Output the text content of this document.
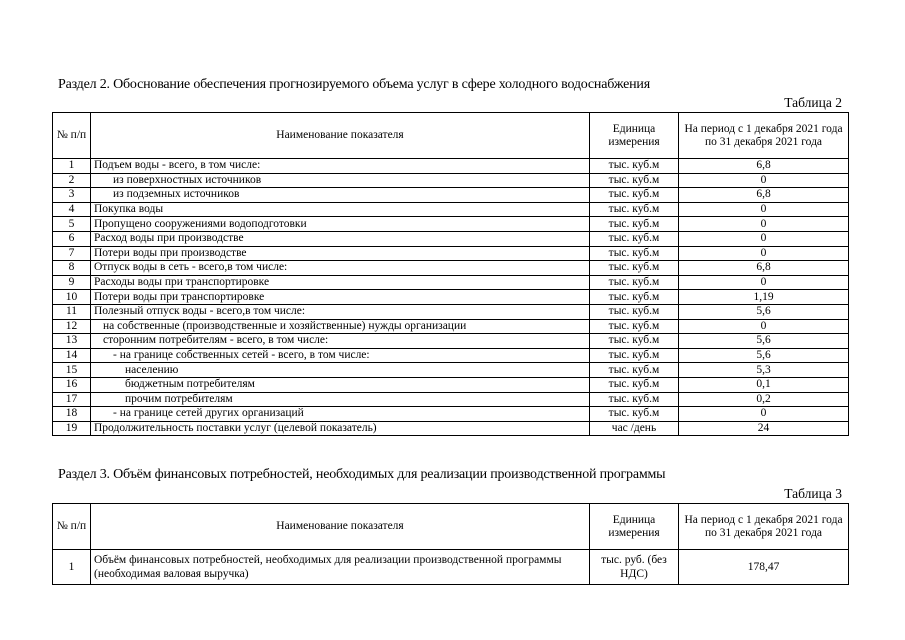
Раздел 2. Обоснование обеспечения прогнозируемого объема услуг в сфере холодного водоснабжения
Таблица 2
№ п/п	Наименование показателя	Единица измерения	На период с 1 декабря 2021 года по 31 декабря 2021 года
1	Подъем воды - всего, в том числе:	тыс. куб.м	6,8
2	из поверхностных источников	тыс. куб.м	0
3	из подземных источников	тыс. куб.м	6,8
4	Покупка воды	тыс. куб.м	0
5	Пропущено сооружениями водоподготовки	тыс. куб.м	0
6	Расход воды при производстве	тыс. куб.м	0
7	Потери воды при производстве	тыс. куб.м	0
8	Отпуск воды в сеть - всего,в том числе:	тыс. куб.м	6,8
9	Расходы воды при транспортировке	тыс. куб.м	0
10	Потери воды при транспортировке	тыс. куб.м	1,19
11	Полезный отпуск воды - всего,в том числе:	тыс. куб.м	5,6
12	на собственные (производственные и хозяйственные) нужды организации	тыс. куб.м	0
13	сторонним потребителям - всего, в том числе:	тыс. куб.м	5,6
14	- на границе собственных сетей - всего, в том числе:	тыс. куб.м	5,6
15	населению	тыс. куб.м	5,3
16	бюджетным потребителям	тыс. куб.м	0,1
17	прочим потребителям	тыс. куб.м	0,2
18	- на границе сетей других организаций	тыс. куб.м	0
19	Продолжительность поставки услуг (целевой показатель)	час /день	24
Раздел 3. Объём финансовых потребностей, необходимых для реализации производственной программы
Таблица 3
№ п/п	Наименование показателя	Единица измерения	На период с 1 декабря 2021 года по 31 декабря 2021 года
1	Объём финансовых потребностей, необходимых для реализации производственной программы (необходимая валовая выручка)	тыс. руб. (без НДС)	178,47
